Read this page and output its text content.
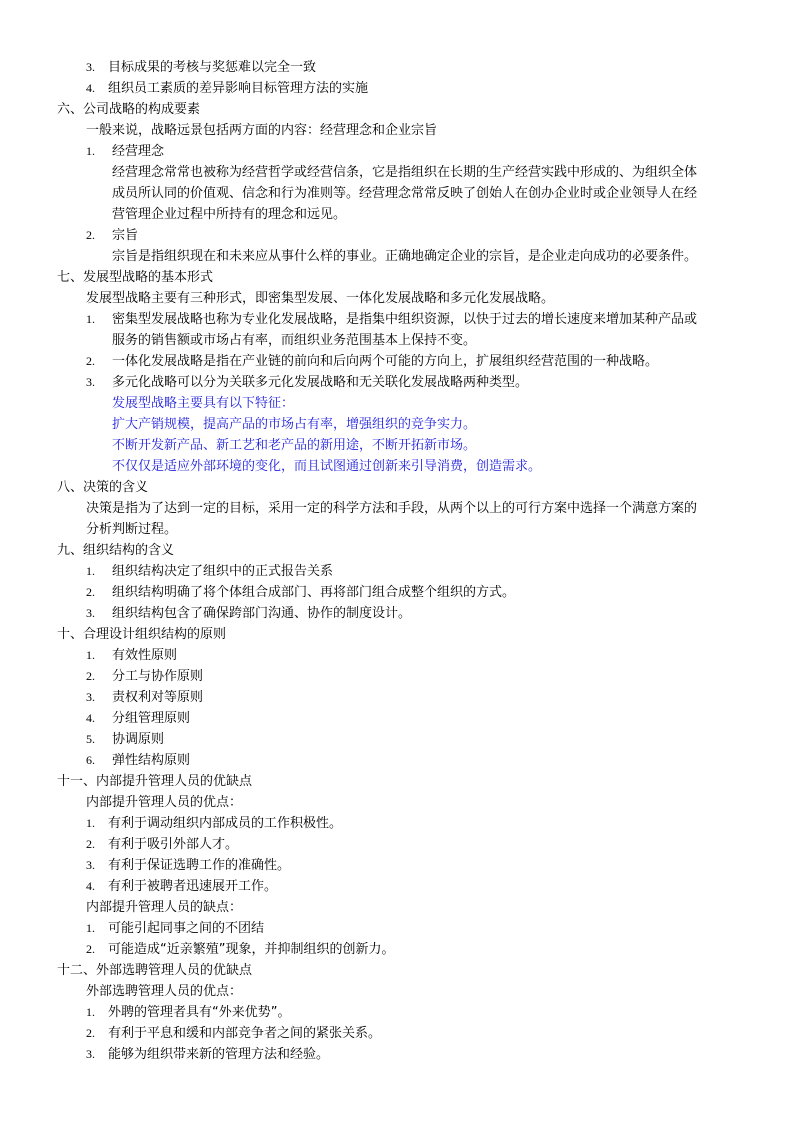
3. 目标成果的考核与奖惩难以完全一致
4. 组织员工素质的差异影响目标管理方法的实施
六、公司战略的构成要素
一般来说，战略远景包括两方面的内容：经营理念和企业宗旨
1. 经营理念
经营理念常常也被称为经营哲学或经营信条，它是指组织在长期的生产经营实践中形成的、为组织全体
成员所认同的价值观、信念和行为准则等。经营理念常常反映了创始人在创办企业时或企业领导人在经
营管理企业过程中所持有的理念和远见。
2. 宗旨
宗旨是指组织现在和未来应从事什么样的事业。正确地确定企业的宗旨，是企业走向成功的必要条件。
七、发展型战略的基本形式
发展型战略主要有三种形式，即密集型发展、一体化发展战略和多元化发展战略。
1. 密集型发展战略也称为专业化发展战略，是指集中组织资源，以快于过去的增长速度来增加某种产品或
服务的销售额或市场占有率，而组织业务范围基本上保持不变。
2. 一体化发展战略是指在产业链的前向和后向两个可能的方向上，扩展组织经营范围的一种战略。
3. 多元化战略可以分为关联多元化发展战略和无关联化发展战略两种类型。
发展型战略主要具有以下特征：
扩大产销规模，提高产品的市场占有率，增强组织的竞争实力。
不断开发新产品、新工艺和老产品的新用途，不断开拓新市场。
不仅仅是适应外部环境的变化，而且试图通过创新来引导消费，创造需求。
八、决策的含义
决策是指为了达到一定的目标，采用一定的科学方法和手段，从两个以上的可行方案中选择一个满意方案的
分析判断过程。
九、组织结构的含义
1. 组织结构决定了组织中的正式报告关系
2. 组织结构明确了将个体组合成部门、再将部门组合成整个组织的方式。
3. 组织结构包含了确保跨部门沟通、协作的制度设计。
十、合理设计组织结构的原则
1. 有效性原则
2. 分工与协作原则
3. 责权利对等原则
4. 分组管理原则
5. 协调原则
6. 弹性结构原则
十一、内部提升管理人员的优缺点
内部提升管理人员的优点：
1. 有利于调动组织内部成员的工作积极性。
2. 有利于吸引外部人才。
3. 有利于保证选聘工作的准确性。
4. 有利于被聘者迅速展开工作。
内部提升管理人员的缺点：
1. 可能引起同事之间的不团结
2. 可能造成“近亲繁殖”现象，并抑制组织的创新力。
十二、外部选聘管理人员的优缺点
外部选聘管理人员的优点：
1. 外聘的管理者具有“外来优势”。
2. 有利于平息和缓和内部竞争者之间的紧张关系。
3. 能够为组织带来新的管理方法和经验。
